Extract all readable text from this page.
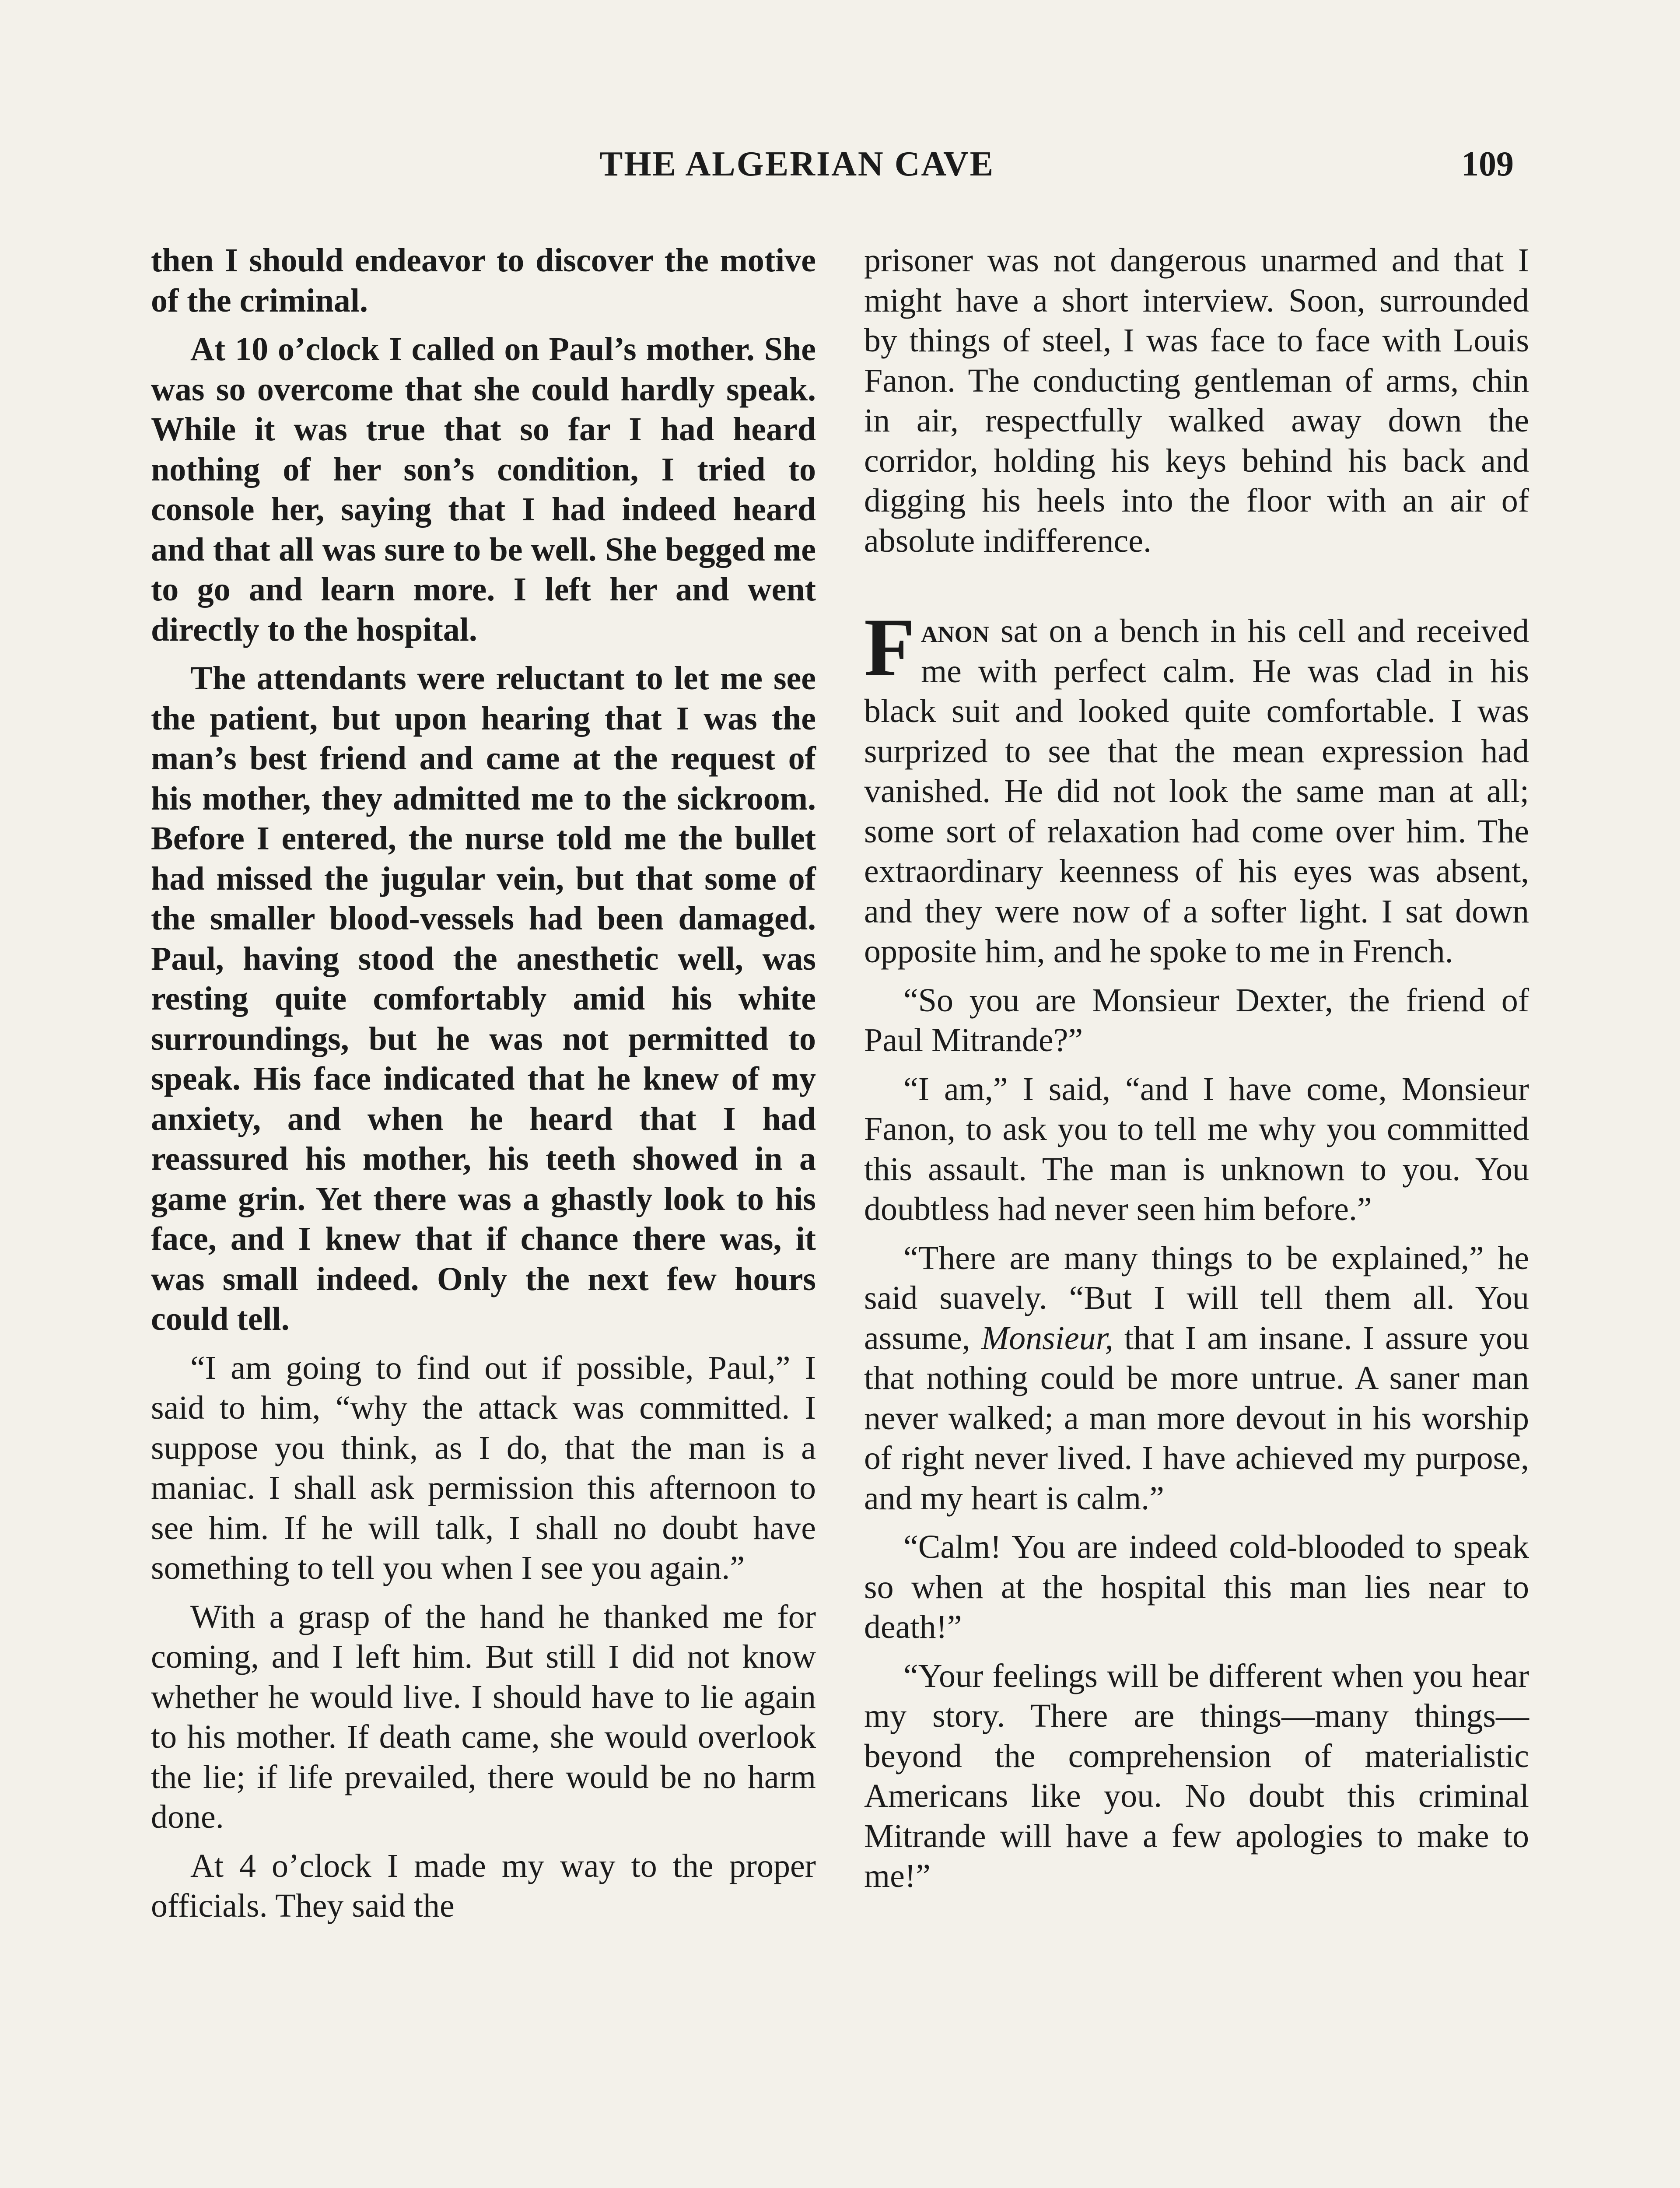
THE ALGERIAN CAVE	109

then I should endeavor to discover the motive of the criminal.

At 10 o’clock I called on Paul’s mother. She was so overcome that she could hardly speak. While it was true that so far I had heard nothing of her son’s condition, I tried to console her, saying that I had indeed heard and that all was sure to be well. She begged me to go and learn more. I left her and went directly to the hospital.

The attendants were reluctant to let me see the patient, but upon hearing that I was the man’s best friend and came at the request of his mother, they admitted me to the sickroom. Before I entered, the nurse told me the bullet had missed the jugular vein, but that some of the smaller blood-vessels had been damaged. Paul, having stood the anesthetic well, was resting quite comfortably amid his white surroundings, but he was not permitted to speak. His face indicated that he knew of my anxiety, and when he heard that I had reassured his mother, his teeth showed in a game grin. Yet there was a ghastly look to his face, and I knew that if chance there was, it was small indeed. Only the next few hours could tell.

“I am going to find out if possible, Paul,” I said to him, “why the attack was committed. I suppose you think, as I do, that the man is a maniac. I shall ask permission this afternoon to see him. If he will talk, I shall no doubt have something to tell you when I see you again.”

With a grasp of the hand he thanked me for coming, and I left him. But still I did not know whether he would live. I should have to lie again to his mother. If death came, she would overlook the lie; if life prevailed, there would be no harm done.

At 4 o’clock I made my way to the proper officials. They said the

prisoner was not dangerous unarmed and that I might have a short interview. Soon, surrounded by things of steel, I was face to face with Louis Fanon. The conducting gentleman of arms, chin in air, respectfully walked away down the corridor, holding his keys behind his back and digging his heels into the floor with an air of absolute indifference.

Fanon sat on a bench in his cell and received me with perfect calm. He was clad in his black suit and looked quite comfortable. I was surprized to see that the mean expression had vanished. He did not look the same man at all; some sort of relaxation had come over him. The extraordinary keenness of his eyes was absent, and they were now of a softer light. I sat down opposite him, and he spoke to me in French.

“So you are Monsieur Dexter, the friend of Paul Mitrande?”

“I am,” I said, “and I have come, Monsieur Fanon, to ask you to tell me why you committed this assault. The man is unknown to you. You doubtless had never seen him before.”

“There are many things to be explained,” he said suavely. “But I will tell them all. You assume, Monsieur, that I am insane. I assure you that nothing could be more untrue. A saner man never walked; a man more devout in his worship of right never lived. I have achieved my purpose, and my heart is calm.”

“Calm! You are indeed cold-blooded to speak so when at the hospital this man lies near to death!”

“Your feelings will be different when you hear my story. There are things—many things—beyond the comprehension of materialistic Americans like you. No doubt this criminal Mitrande will have a few apologies to make to me!”
